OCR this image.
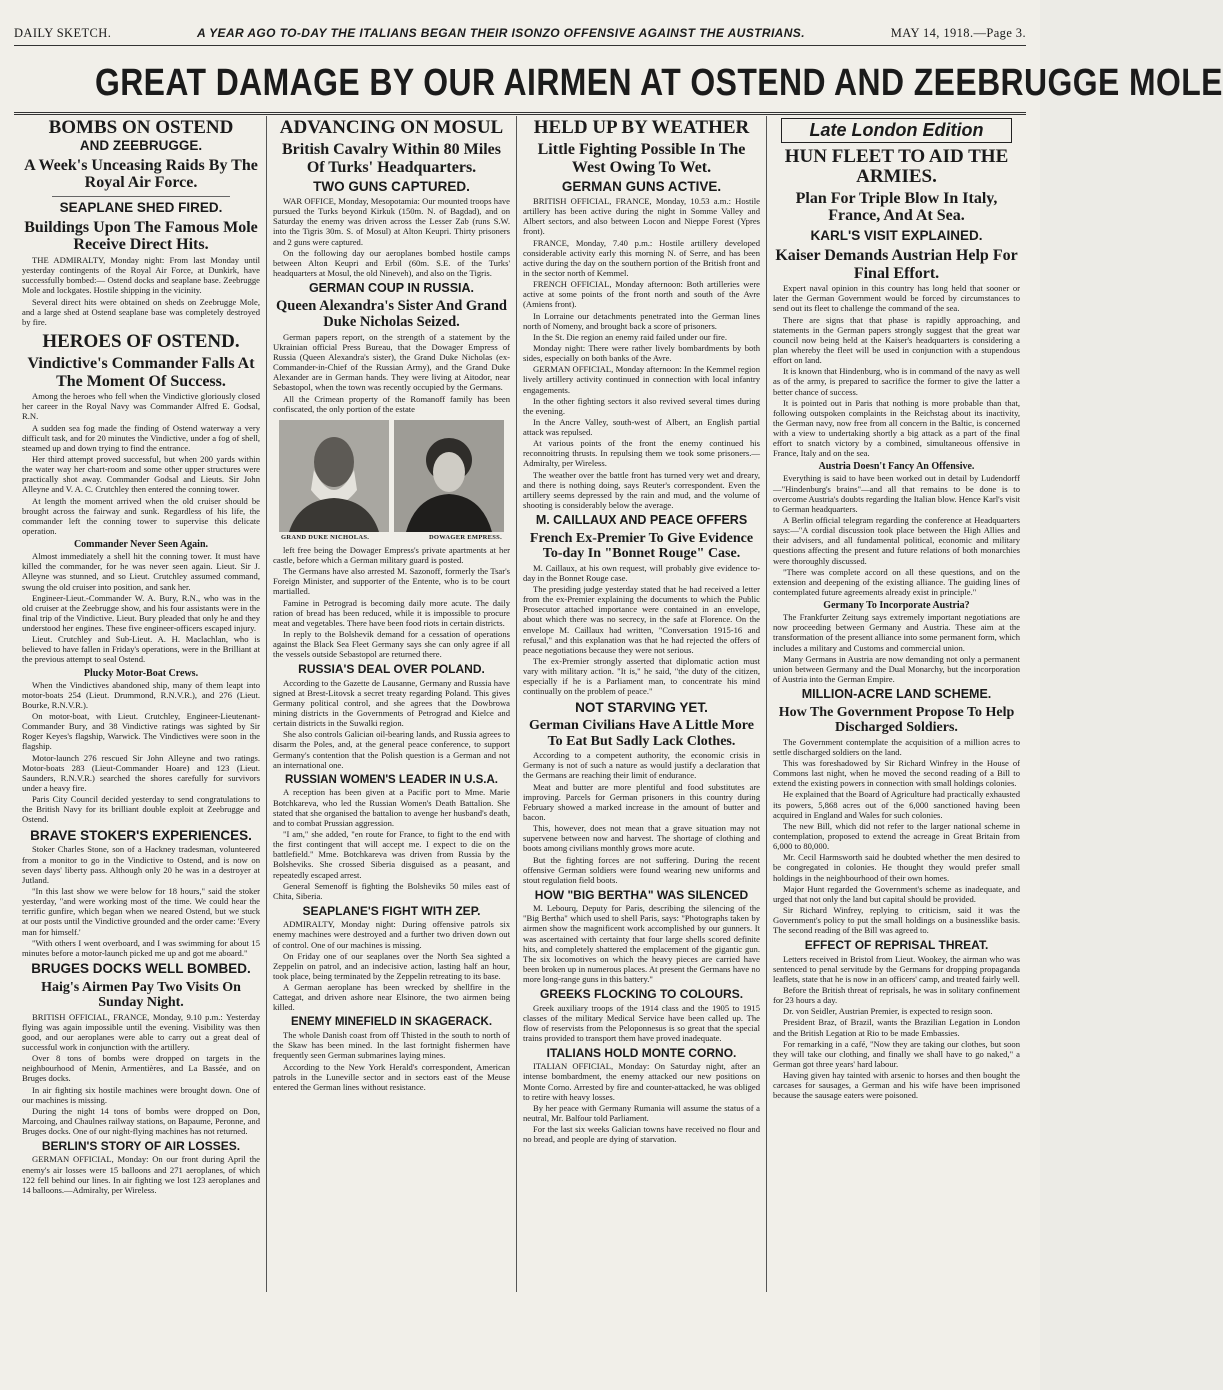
DAILY SKETCH.	A YEAR AGO TO-DAY THE ITALIANS BEGAN THEIR ISONZO OFFENSIVE AGAINST THE AUSTRIANS.	MAY 14, 1918.—Page 3.
GREAT DAMAGE BY OUR AIRMEN AT OSTEND AND ZEEBRUGGE MOLE
BOMBS ON OSTEND
AND ZEEBRUGGE.
A Week's Unceasing Raids By The Royal Air Force.
SEAPLANE SHED FIRED.
Buildings Upon The Famous Mole Receive Direct Hits.

THE ADMIRALTY, Monday night: From last Monday until yesterday contingents of the Royal Air Force, at Dunkirk, have successfully bombed:— Ostend docks and seaplane base. Zeebrugge Mole and lockgates. Hostile shipping in the vicinity.

Several direct hits were obtained on sheds on Zeebrugge Mole, and a large shed at Ostend seaplane base was completely destroyed by fire.

HEROES OF OSTEND.
Vindictive's Commander Falls At The Moment Of Success.

Among the heroes who fell when the Vindictive gloriously closed her career in the Royal Navy was Commander Alfred E. Godsal, R.N.

A sudden sea fog made the finding of Ostend waterway a very difficult task, and for 20 minutes the Vindictive, under a fog of shell, steamed up and down trying to find the entrance.

Her third attempt proved successful, but when 200 yards within the water way her chart-room and some other upper structures were practically shot away. Commander Godsal and Lieuts. Sir John Alleyne and V. A. C. Crutchley then entered the conning tower.

At length the moment arrived when the old cruiser should be brought across the fairway and sunk. Regardless of his life, the commander left the conning tower to supervise this delicate operation.

Commander Never Seen Again.

Almost immediately a shell hit the conning tower. It must have killed the commander, for he was never seen again. Lieut. Sir J. Alleyne was stunned, and so Lieut. Crutchley assumed command, swung the old cruiser into position, and sank her.

Engineer-Lieut.-Commander W. A. Bury, R.N., who was in the old cruiser at the Zeebrugge show, and his four assistants were in the final trip of the Vindictive. Lieut. Bury pleaded that only he and they understood her engines. These five engineer-officers escaped injury.

Lieut. Crutchley and Sub-Lieut. A. H. Maclachlan, who is believed to have fallen in Friday's operations, were in the Brilliant at the previous attempt to seal Ostend.

Plucky Motor-Boat Crews.

When the Vindictives abandoned ship, many of them leapt into motor-boats 254 (Lieut. Drummond, R.N.V.R.), and 276 (Lieut. Bourke, R.N.V.R.).

On motor-boat, with Lieut. Crutchley, Engineer-Lieutenant-Commander Bury, and 38 Vindictive ratings was sighted by Sir Roger Keyes's flagship, Warwick. The Vindictives were soon in the flagship.

Motor-launch 276 rescued Sir John Alleyne and two ratings. Motor-boats 283 (Lieut-Commander Hoare) and 123 (Lieut. Saunders, R.N.V.R.) searched the shores carefully for survivors under a heavy fire.

Paris City Council decided yesterday to send congratulations to the British Navy for its brilliant double exploit at Zeebrugge and Ostend.

BRAVE STOKER'S EXPERIENCES.

Stoker Charles Stone, son of a Hackney tradesman, volunteered from a monitor to go in the Vindictive to Ostend, and is now on seven days' liberty pass. Although only 20 he was in a destroyer at Jutland.

"In this last show we were below for 18 hours," said the stoker yesterday, "and were working most of the time. We could hear the terrific gunfire, which began when we neared Ostend, but we stuck at our posts until the Vindictive grounded and the order came: 'Every man for himself.'

"With others I went overboard, and I was swimming for about 15 minutes before a motor-launch picked me up and got me aboard."

BRUGES DOCKS WELL BOMBED.
Haig's Airmen Pay Two Visits On Sunday Night.

BRITISH OFFICIAL, FRANCE, Monday, 9.10 p.m.: Yesterday flying was again impossible until the evening. Visibility was then good, and our aeroplanes were able to carry out a great deal of successful work in conjunction with the artillery.

Over 8 tons of bombs were dropped on targets in the neighbourhood of Menin, Armentières, and La Bassée, and on Bruges docks.

In air fighting six hostile machines were brought down. One of our machines is missing.

During the night 14 tons of bombs were dropped on Don, Marcoing, and Chaulnes railway stations, on Bapaume, Peronne, and Bruges docks. One of our night-flying machines has not returned.

BERLIN'S STORY OF AIR LOSSES.

GERMAN OFFICIAL, Monday: On our front during April the enemy's air losses were 15 balloons and 271 aeroplanes, of which 122 fell behind our lines. In air fighting we lost 123 aeroplanes and 14 balloons.—Admiralty, per Wireless.

ADVANCING ON MOSUL
British Cavalry Within 80 Miles Of Turks' Headquarters.
TWO GUNS CAPTURED.

WAR OFFICE, Monday, Mesopotamia: Our mounted troops have pursued the Turks beyond Kirkuk (150m. N. of Bagdad), and on Saturday the enemy was driven across the Lesser Zab (runs S.W. into the Tigris 30m. S. of Mosul) at Alton Keupri. Thirty prisoners and 2 guns were captured.

On the following day our aeroplanes bombed hostile camps between Alton Keupri and Erbil (60m. S.E. of the Turks' headquarters at Mosul, the old Nineveh), and also on the Tigris.

GERMAN COUP IN RUSSIA.
Queen Alexandra's Sister And Grand Duke Nicholas Seized.

German papers report, on the strength of a statement by the Ukrainian official Press Bureau, that the Dowager Empress of Russia (Queen Alexandra's sister), the Grand Duke Nicholas (ex-Commander-in-Chief of the Russian Army), and the Grand Duke Alexander are in German hands. They were living at Aitodor, near Sebastopol, when the town was recently occupied by the Germans.

All the Crimean property of the Romanoff family has been confiscated, the only portion of the estate

GRAND DUKE NICHOLAS.	DOWAGER EMPRESS.

left free being the Dowager Empress's private apartments at her castle, before which a German military guard is posted.

The Germans have also arrested M. Sazonoff, formerly the Tsar's Foreign Minister, and supporter of the Entente, who is to be court martialled.

Famine in Petrograd is becoming daily more acute. The daily ration of bread has been reduced, while it is impossible to procure meat and vegetables. There have been food riots in certain districts.

In reply to the Bolshevik demand for a cessation of operations against the Black Sea Fleet Germany says she can only agree if all the vessels outside Sebastopol are returned there.

RUSSIA'S DEAL OVER POLAND.

According to the Gazette de Lausanne, Germany and Russia have signed at Brest-Litovsk a secret treaty regarding Poland. This gives Germany political control, and she agrees that the Dowbrowa mining districts in the Governments of Petrograd and Kielce and certain districts in the Suwalki region.

She also controls Galician oil-bearing lands, and Russia agrees to disarm the Poles, and, at the general peace conference, to support Germany's contention that the Polish question is a German and not an international one.

RUSSIAN WOMEN'S LEADER IN U.S.A.

A reception has been given at a Pacific port to Mme. Marie Botchkareva, who led the Russian Women's Death Battalion. She stated that she organised the battalion to avenge her husband's death, and to combat Prussian aggression.

"I am," she added, "en route for France, to fight to the end with the first contingent that will accept me. I expect to die on the battlefield." Mme. Botchkareva was driven from Russia by the Bolsheviks. She crossed Siberia disguised as a peasant, and repeatedly escaped arrest.

General Semenoff is fighting the Bolsheviks 50 miles east of Chita, Siberia.

SEAPLANE'S FIGHT WITH ZEP.

ADMIRALTY, Monday night: During offensive patrols six enemy machines were destroyed and a further two driven down out of control. One of our machines is missing.

On Friday one of our seaplanes over the North Sea sighted a Zeppelin on patrol, and an indecisive action, lasting half an hour, took place, being terminated by the Zeppelin retreating to its base.

A German aeroplane has been wrecked by shellfire in the Cattegat, and driven ashore near Elsinore, the two airmen being killed.

ENEMY MINEFIELD IN SKAGERACK.

The whole Danish coast from off Thisted in the south to north of the Skaw has been mined. In the last fortnight fishermen have frequently seen German submarines laying mines.

According to the New York Herald's correspondent, American patrols in the Luneville sector and in sectors east of the Meuse entered the German lines without resistance.

HELD UP BY WEATHER
Little Fighting Possible In The West Owing To Wet.
GERMAN GUNS ACTIVE.

BRITISH OFFICIAL, FRANCE, Monday, 10.53 a.m.: Hostile artillery has been active during the night in Somme Valley and Albert sectors, and also between Locon and Nieppe Forest (Ypres front).

FRANCE, Monday, 7.40 p.m.: Hostile artillery developed considerable activity early this morning N. of Serre, and has been active during the day on the southern portion of the British front and in the sector north of Kemmel.

FRENCH OFFICIAL, Monday afternoon: Both artilleries were active at some points of the front north and south of the Avre (Amiens front).

In Lorraine our detachments penetrated into the German lines north of Nomeny, and brought back a score of prisoners.

In the St. Die region an enemy raid failed under our fire.

Monday night: There were rather lively bombardments by both sides, especially on both banks of the Avre.

GERMAN OFFICIAL, Monday afternoon: In the Kemmel region lively artillery activity continued in connection with local infantry engagements.

In the other fighting sectors it also revived several times during the evening.

In the Ancre Valley, south-west of Albert, an English partial attack was repulsed.

At various points of the front the enemy continued his reconnoitring thrusts. In repulsing them we took some prisoners.—Admiralty, per Wireless.

The weather over the battle front has turned very wet and dreary, and there is nothing doing, says Reuter's correspondent. Even the artillery seems depressed by the rain and mud, and the volume of shooting is considerably below the average.

M. CAILLAUX AND PEACE OFFERS
French Ex-Premier To Give Evidence To-day In "Bonnet Rouge" Case.

M. Caillaux, at his own request, will probably give evidence to-day in the Bonnet Rouge case.

The presiding judge yesterday stated that he had received a letter from the ex-Premier explaining the documents to which the Public Prosecutor attached importance were contained in an envelope, about which there was no secrecy, in the safe at Florence. On the envelope M. Caillaux had written, "Conversation 1915-16 and refusal," and this explanation was that he had rejected the offers of peace negotiations because they were not serious.

The ex-Premier strongly asserted that diplomatic action must vary with military action. "It is," he said, "the duty of the citizen, especially if he is a Parliament man, to concentrate his mind continually on the problem of peace."

NOT STARVING YET.
German Civilians Have A Little More To Eat But Sadly Lack Clothes.

According to a competent authority, the economic crisis in Germany is not of such a nature as would justify a declaration that the Germans are reaching their limit of endurance.

Meat and butter are more plentiful and food substitutes are improving. Parcels for German prisoners in this country during February showed a marked increase in the amount of butter and bacon.

This, however, does not mean that a grave situation may not supervene between now and harvest. The shortage of clothing and boots among civilians monthly grows more acute.

But the fighting forces are not suffering. During the recent offensive German soldiers were found wearing new uniforms and stout regulation field boots.

HOW "BIG BERTHA" WAS SILENCED

M. Lebourq, Deputy for Paris, describing the silencing of the "Big Bertha" which used to shell Paris, says: "Photographs taken by airmen show the magnificent work accomplished by our gunners. It was ascertained with certainty that four large shells scored definite hits, and completely shattered the emplacement of the gigantic gun. The six locomotives on which the heavy pieces are carried have been broken up in numerous places. At present the Germans have no more long-range guns in this battery."

GREEKS FLOCKING TO COLOURS.

Greek auxiliary troops of the 1914 class and the 1905 to 1915 classes of the military Medical Service have been called up. The flow of reservists from the Peloponnesus is so great that the special trains provided to transport them have proved inadequate.

ITALIANS HOLD MONTE CORNO.

ITALIAN OFFICIAL, Monday: On Saturday night, after an intense bombardment, the enemy attacked our new positions on Monte Corno. Arrested by fire and counter-attacked, he was obliged to retire with heavy losses.

By her peace with Germany Rumania will assume the status of a neutral, Mr. Balfour told Parliament.

For the last six weeks Galician towns have received no flour and no bread, and people are dying of starvation.

Late London Edition
HUN FLEET TO AID THE ARMIES.
Plan For Triple Blow In Italy, France, And At Sea.
KARL'S VISIT EXPLAINED.
Kaiser Demands Austrian Help For Final Effort.

Expert naval opinion in this country has long held that sooner or later the German Government would be forced by circumstances to send out its fleet to challenge the command of the sea.

There are signs that that phase is rapidly approaching, and statements in the German papers strongly suggest that the great war council now being held at the Kaiser's headquarters is considering a plan whereby the fleet will be used in conjunction with a stupendous effort on land.

It is known that Hindenburg, who is in command of the navy as well as of the army, is prepared to sacrifice the former to give the latter a better chance of success.

It is pointed out in Paris that nothing is more probable than that, following outspoken complaints in the Reichstag about its inactivity, the German navy, now free from all concern in the Baltic, is concerned with a view to undertaking shortly a big attack as a part of the final effort to snatch victory by a combined, simultaneous offensive in France, Italy and on the sea.

Austria Doesn't Fancy An Offensive.

Everything is said to have been worked out in detail by Ludendorff—"Hindenburg's brains"—and all that remains to be done is to overcome Austria's doubts regarding the Italian blow. Hence Karl's visit to German headquarters.

A Berlin official telegram regarding the conference at Headquarters says:—"A cordial discussion took place between the High Allies and their advisers, and all fundamental political, economic and military questions affecting the present and future relations of both monarchies were thoroughly discussed.

"There was complete accord on all these questions, and on the extension and deepening of the existing alliance. The guiding lines of contemplated future agreements already exist in principle."

Germany To Incorporate Austria?

The Frankfurter Zeitung says extremely important negotiations are now proceeding between Germany and Austria. These aim at the transformation of the present alliance into some permanent form, which includes a military and Customs and commercial union.

Many Germans in Austria are now demanding not only a permanent union between Germany and the Dual Monarchy, but the incorporation of Austria into the German Empire.

MILLION-ACRE LAND SCHEME.
How The Government Propose To Help Discharged Soldiers.

The Government contemplate the acquisition of a million acres to settle discharged soldiers on the land.

This was foreshadowed by Sir Richard Winfrey in the House of Commons last night, when he moved the second reading of a Bill to extend the existing powers in connection with small holdings colonies.

He explained that the Board of Agriculture had practically exhausted its powers, 5,868 acres out of the 6,000 sanctioned having been acquired in England and Wales for such colonies.

The new Bill, which did not refer to the larger national scheme in contemplation, proposed to extend the acreage in Great Britain from 6,000 to 80,000.

Mr. Cecil Harmsworth said he doubted whether the men desired to be congregated in colonies. He thought they would prefer small holdings in the neighbourhood of their own homes.

Major Hunt regarded the Government's scheme as inadequate, and urged that not only the land but capital should be provided.

Sir Richard Winfrey, replying to criticism, said it was the Government's policy to put the small holdings on a businesslike basis. The second reading of the Bill was agreed to.

EFFECT OF REPRISAL THREAT.

Letters received in Bristol from Lieut. Wookey, the airman who was sentenced to penal servitude by the Germans for dropping propaganda leaflets, state that he is now in an officers' camp, and treated fairly well.

Before the British threat of reprisals, he was in solitary confinement for 23 hours a day.

Dr. von Seidler, Austrian Premier, is expected to resign soon.

President Braz, of Brazil, wants the Brazilian Legation in London and the British Legation at Rio to be made Embassies.

For remarking in a café, "Now they are taking our clothes, but soon they will take our clothing, and finally we shall have to go naked," a German got three years' hard labour.

Having given hay tainted with arsenic to horses and then bought the carcases for sausages, a German and his wife have been imprisoned because the sausage eaters were poisoned.
